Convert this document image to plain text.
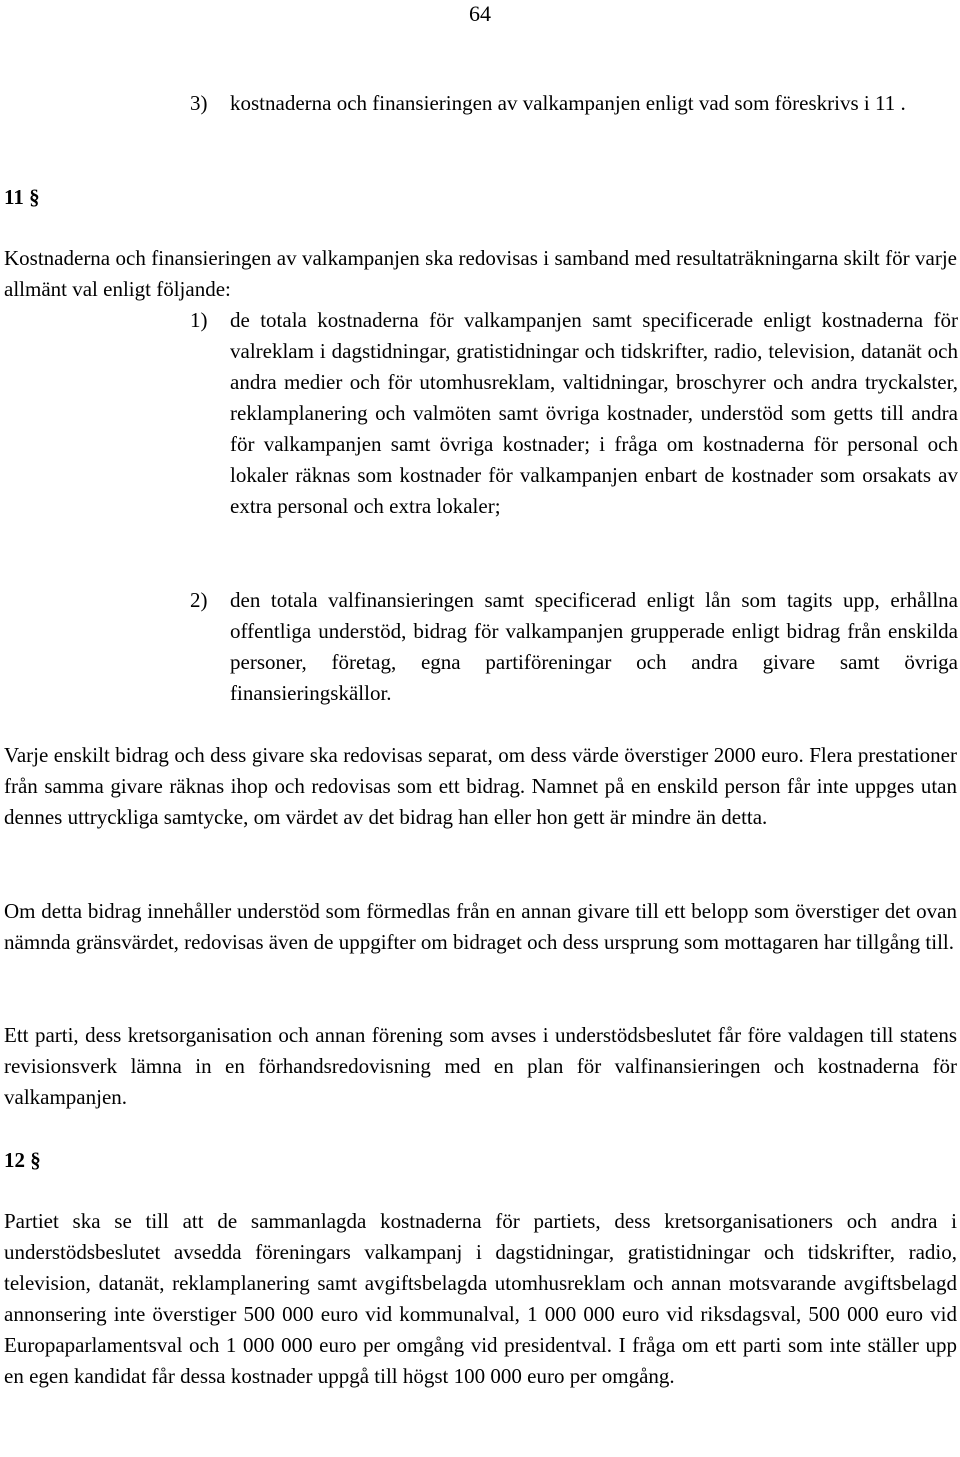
64
3) kostnaderna och finansieringen av valkampanjen enligt vad som föreskrivs i 11 .

11 §

Kostnaderna och finansieringen av valkampanjen ska redovisas i samband med resultaträkningarna skilt för varje allmänt val enligt följande:

1) de totala kostnaderna för valkampanjen samt specificerade enligt kostnaderna för valreklam i dagstidningar, gratistidningar och tidskrifter, radio, television, datanät och andra medier och för utomhusreklam, valtidningar, broschyrer och andra tryckalster, reklamplanering och valmöten samt övriga kostnader, understöd som getts till andra för valkampanjen samt övriga kostnader; i fråga om kostnaderna för personal och lokaler räknas som kostnader för valkampanjen enbart de kostnader som orsakats av extra personal och extra lokaler;

2) den totala valfinansieringen samt specificerad enligt lån som tagits upp, erhållna offentliga understöd, bidrag för valkampanjen grupperade enligt bidrag från enskilda personer, företag, egna partiföreningar och andra givare samt övriga finansieringskällor.

Varje enskilt bidrag och dess givare ska redovisas separat, om dess värde överstiger 2000 euro. Flera prestationer från samma givare räknas ihop och redovisas som ett bidrag. Namnet på en enskild person får inte uppges utan dennes uttryckliga samtycke, om värdet av det bidrag han eller hon gett är mindre än detta.

Om detta bidrag innehåller understöd som förmedlas från en annan givare till ett belopp som överstiger det ovan nämnda gränsvärdet, redovisas även de uppgifter om bidraget och dess ursprung som mottagaren har tillgång till.

Ett parti, dess kretsorganisation och annan förening som avses i understödsbeslutet får före valdagen till statens revisionsverk lämna in en förhandsredovisning med en plan för valfinansieringen och kostnaderna för valkampanjen.

12 §

Partiet ska se till att de sammanlagda kostnaderna för partiets, dess kretsorganisationers och andra i understödsbeslutet avsedda föreningars valkampanj i dagstidningar, gratistidningar och tidskrifter, radio, television, datanät, reklamplanering samt avgiftsbelagda utomhusreklam och annan motsvarande avgiftsbelagd annonsering inte överstiger 500 000 euro vid kommunalval, 1 000 000 euro vid riksdagsval, 500 000 euro vid Europaparlamentsval och 1 000 000 euro per omgång vid presidentval. I fråga om ett parti som inte ställer upp en egen kandidat får dessa kostnader uppgå till högst 100 000 euro per omgång.
